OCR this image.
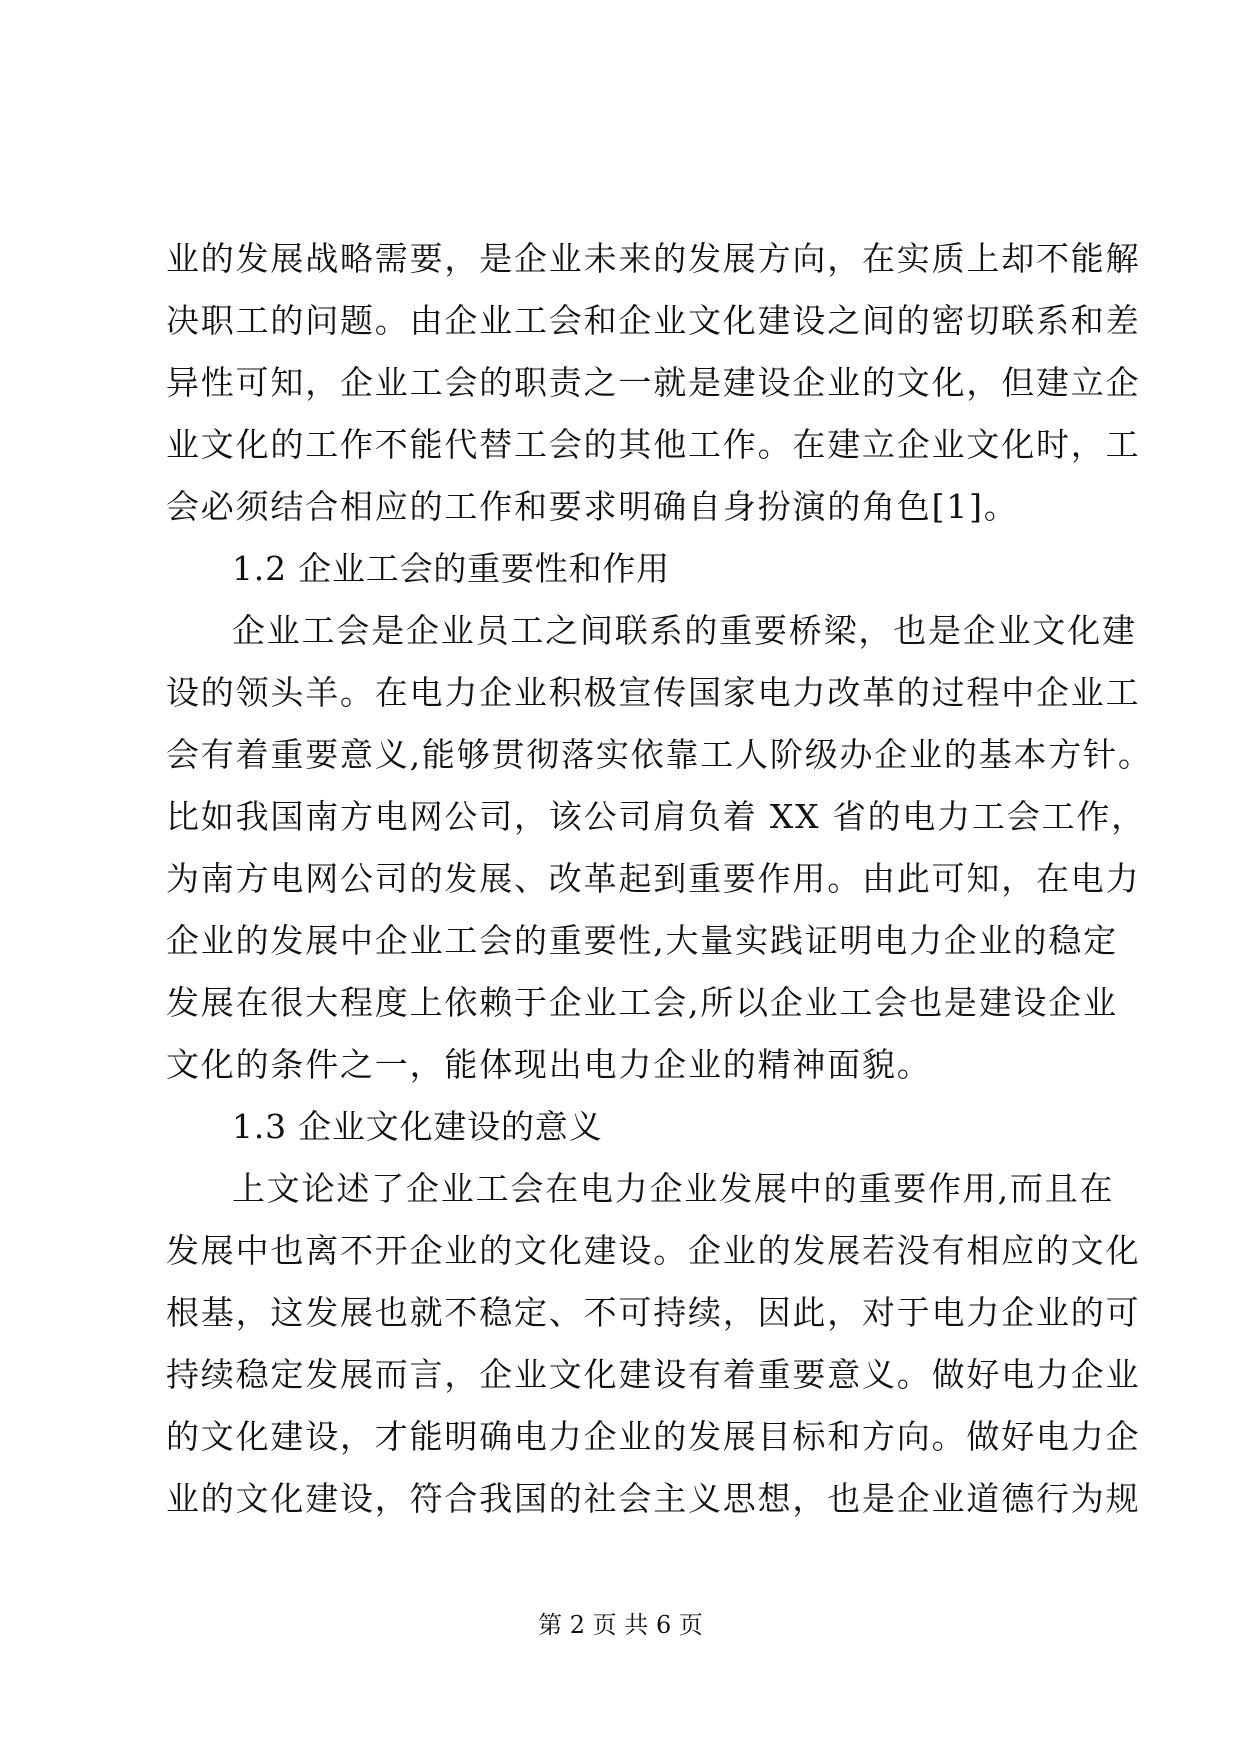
业的发展战略需要，是企业未来的发展方向，在实质上却不能解
决职工的问题。由企业工会和企业文化建设之间的密切联系和差
异性可知，企业工会的职责之一就是建设企业的文化，但建立企
业文化的工作不能代替工会的其他工作。在建立企业文化时，工
会必须结合相应的工作和要求明确自身扮演的角色[1]。
1.2 企业工会的重要性和作用
企业工会是企业员工之间联系的重要桥梁，也是企业文化建
设的领头羊。在电力企业积极宣传国家电力改革的过程中企业工
会有着重要意义,能够贯彻落实依靠工人阶级办企业的基本方针。
比如我国南方电网公司，该公司肩负着 XX 省的电力工会工作，
为南方电网公司的发展、改革起到重要作用。由此可知，在电力
企业的发展中企业工会的重要性,大量实践证明电力企业的稳定
发展在很大程度上依赖于企业工会,所以企业工会也是建设企业
文化的条件之一，能体现出电力企业的精神面貌。
1.3 企业文化建设的意义
上文论述了企业工会在电力企业发展中的重要作用,而且在
发展中也离不开企业的文化建设。企业的发展若没有相应的文化
根基，这发展也就不稳定、不可持续，因此，对于电力企业的可
持续稳定发展而言，企业文化建设有着重要意义。做好电力企业
的文化建设，才能明确电力企业的发展目标和方向。做好电力企
业的文化建设，符合我国的社会主义思想，也是企业道德行为规
第 2 页 共 6 页
